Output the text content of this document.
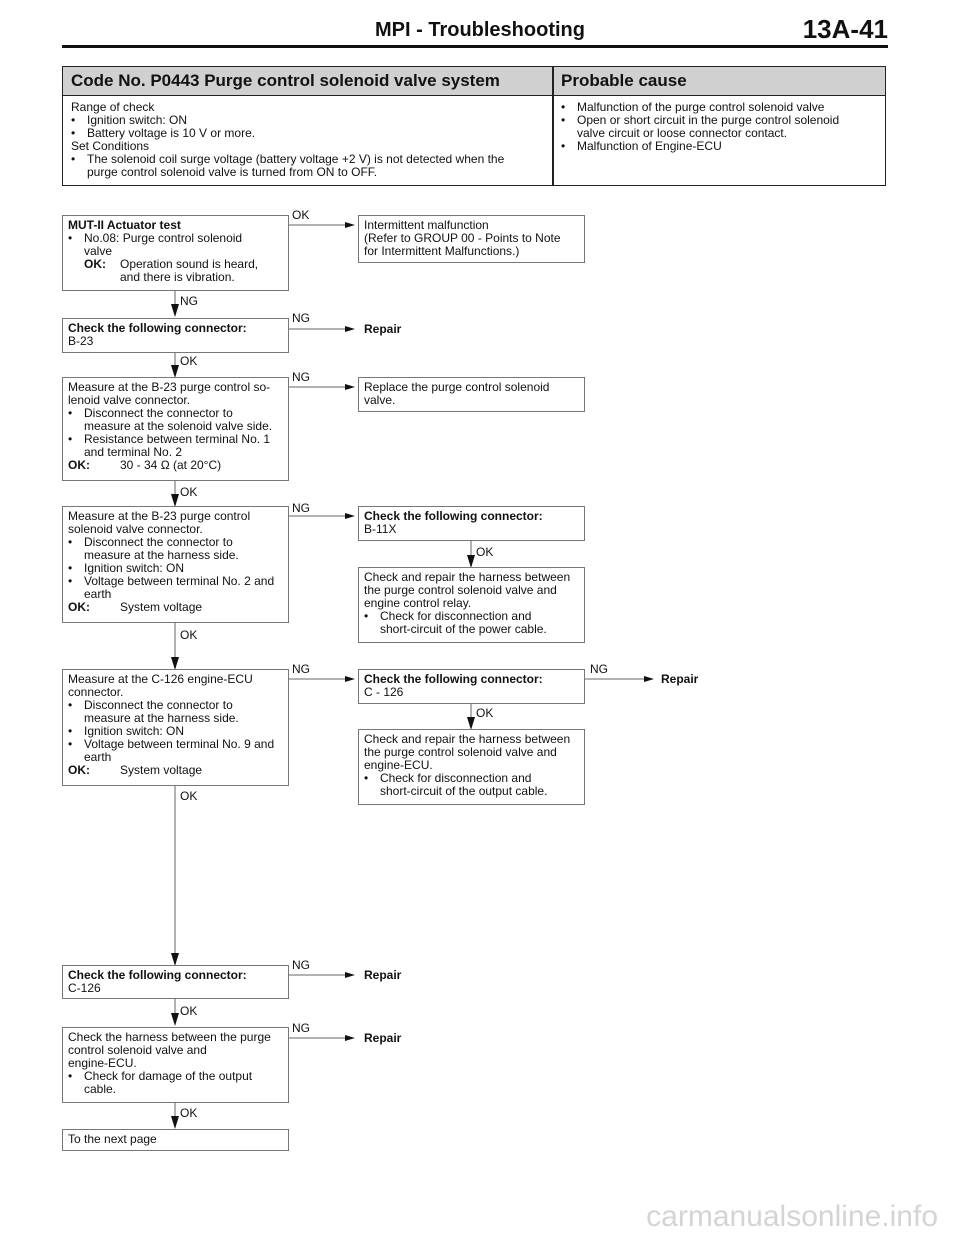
MPI - Troubleshooting	13A-41
Code No. P0443 Purge control solenoid valve system	Probable cause
Range of check
• Ignition switch: ON
• Battery voltage is 10 V or more.
Set Conditions
• The solenoid coil surge voltage (battery voltage +2 V) is not detected when the
purge control solenoid valve is turned from ON to OFF.
• Malfunction of the purge control solenoid valve
• Open or short circuit in the purge control solenoid
valve circuit or loose connector contact.
• Malfunction of Engine-ECU
OK
NG
NG
OK
NG
OK
NG
OK
OK
NG	NG
OK
OK
NG
OK
NG
OK
Repair
Repair
Repair
Repair
MUT-II Actuator test
• No.08: Purge control solenoid
valve
OK: Operation sound is heard,
and there is vibration.
Intermittent malfunction
(Refer to GROUP 00 - Points to Note
for Intermittent Malfunctions.)
Check the following connector:
B-23
Measure at the B-23 purge control so-
lenoid valve connector.
• Disconnect the connector to
measure at the solenoid valve side.
• Resistance between terminal No. 1
and terminal No. 2
OK:	30 - 34 Ω (at 20°C)
Replace the purge control solenoid
valve.
Measure at the B-23 purge control
solenoid valve connector.
• Disconnect the connector to
measure at the harness side.
• Ignition switch: ON
• Voltage between terminal No. 2 and
earth
OK:	System voltage
Check the following connector:
B-11X
Check and repair the harness between
the purge control solenoid valve and
engine control relay.
• Check for disconnection and
short-circuit of the power cable.
Measure at the C-126 engine-ECU
connector.
• Disconnect the connector to
measure at the harness side.
• Ignition switch: ON
• Voltage between terminal No. 9 and
earth
OK:	System voltage
Check the following connector:
C - 126
Check and repair the harness between
the purge control solenoid valve and
engine-ECU.
• Check for disconnection and
short-circuit of the output cable.
Check the following connector:
C-126
Check the harness between the purge
control solenoid valve and
engine-ECU.
• Check for damage of the output
cable.
To the next page
carmanualsonline.info
